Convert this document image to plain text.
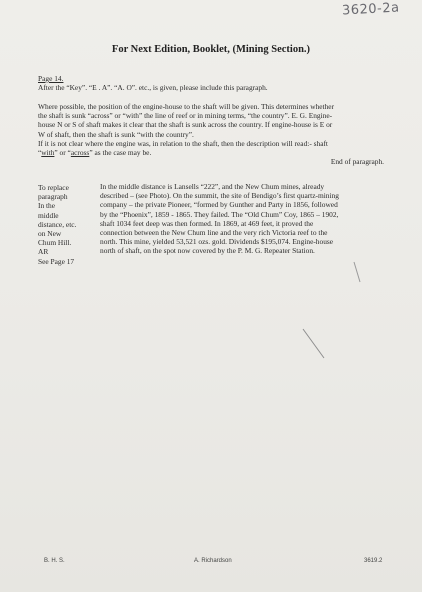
3620-2a
For Next Edition, Booklet, (Mining Section.)
Page 14.
After the “Key”. “E . A”. “A. O”. etc., is given, please include this paragraph.
Where possible, the position of the engine-house to the shaft will be given. This determines whether
the shaft is sunk “across” or “with” the line of reef or in mining terms, “the country”. E. G. Engine-
house N or S of shaft makes it clear that the shaft is sunk across the country. If engine-house is E or
W of shaft, then the shaft is sunk “with the country”.
If it is not clear where the engine was, in relation to the shaft, then the description will read:- shaft
“with” or “across” as the case may be.
End of paragraph.
To replace
paragraph
In the
middle
distance, etc.
on New
Chum Hill.
AR
See Page 17
In the middle distance is Lansells “222”, and the New Chum mines, already
described – (see Photo). On the summit, the site of Bendigo’s first quartz-mining
company – the private Pioneer, “formed by Gunther and Party in 1856, followed
by the “Phoenix”, 1859 - 1865. They failed. The “Old Chum” Coy, 1865 – 1902,
shaft 1034 feet deep was then formed. In 1869, at 469 feet, it proved the
connection between the New Chum line and the very rich Victoria reef to the
north. This mine, yielded 53,521 ozs. gold. Dividends $195,074. Engine-house
north of shaft, on the spot now covered by the P. M. G. Repeater Station.
B. H. S.	A. Richardson	3619.2
